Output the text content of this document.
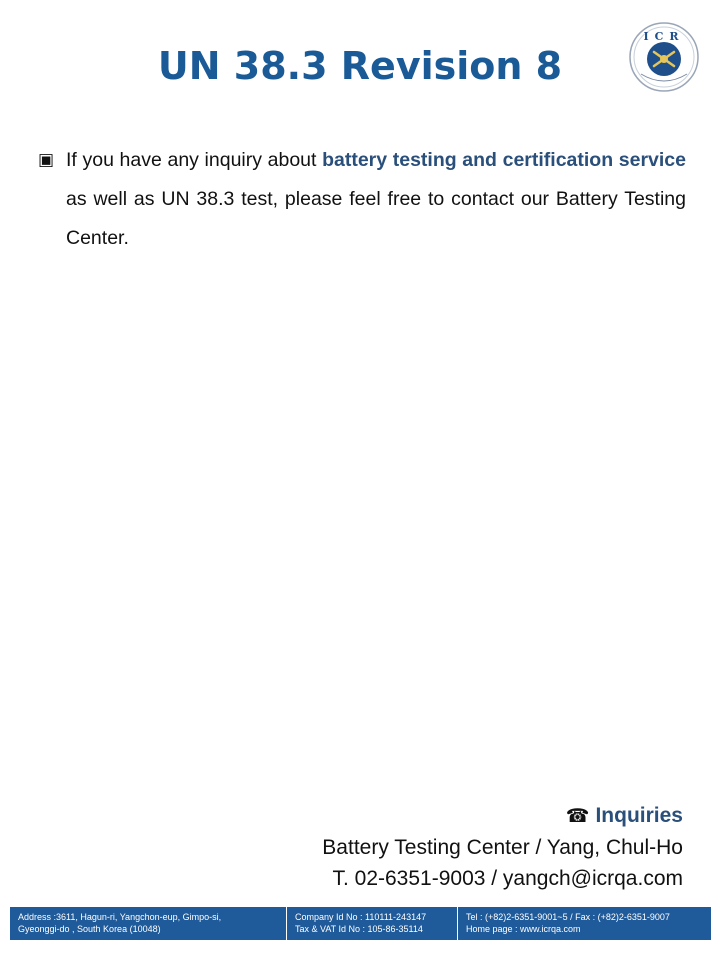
UN 38.3 Revision 8
ICR
▣ If you have any inquiry about battery testing and certification service as well as UN 38.3 test, please feel free to contact our Battery Testing Center.
☎ Inquiries
Battery Testing Center / Yang, Chul-Ho
T. 02-6351-9003 / yangch@icrqa.com
Address :3611, Hagun-ri, Yangchon-eup, Gimpo-si,
Gyeonggi-do , South Korea (10048)
Company Id No : 110111-243147
Tax & VAT Id No : 105-86-35114
Tel : (+82)2-6351-9001~5 / Fax : (+82)2-6351-9007
Home page : www.icrqa.com
